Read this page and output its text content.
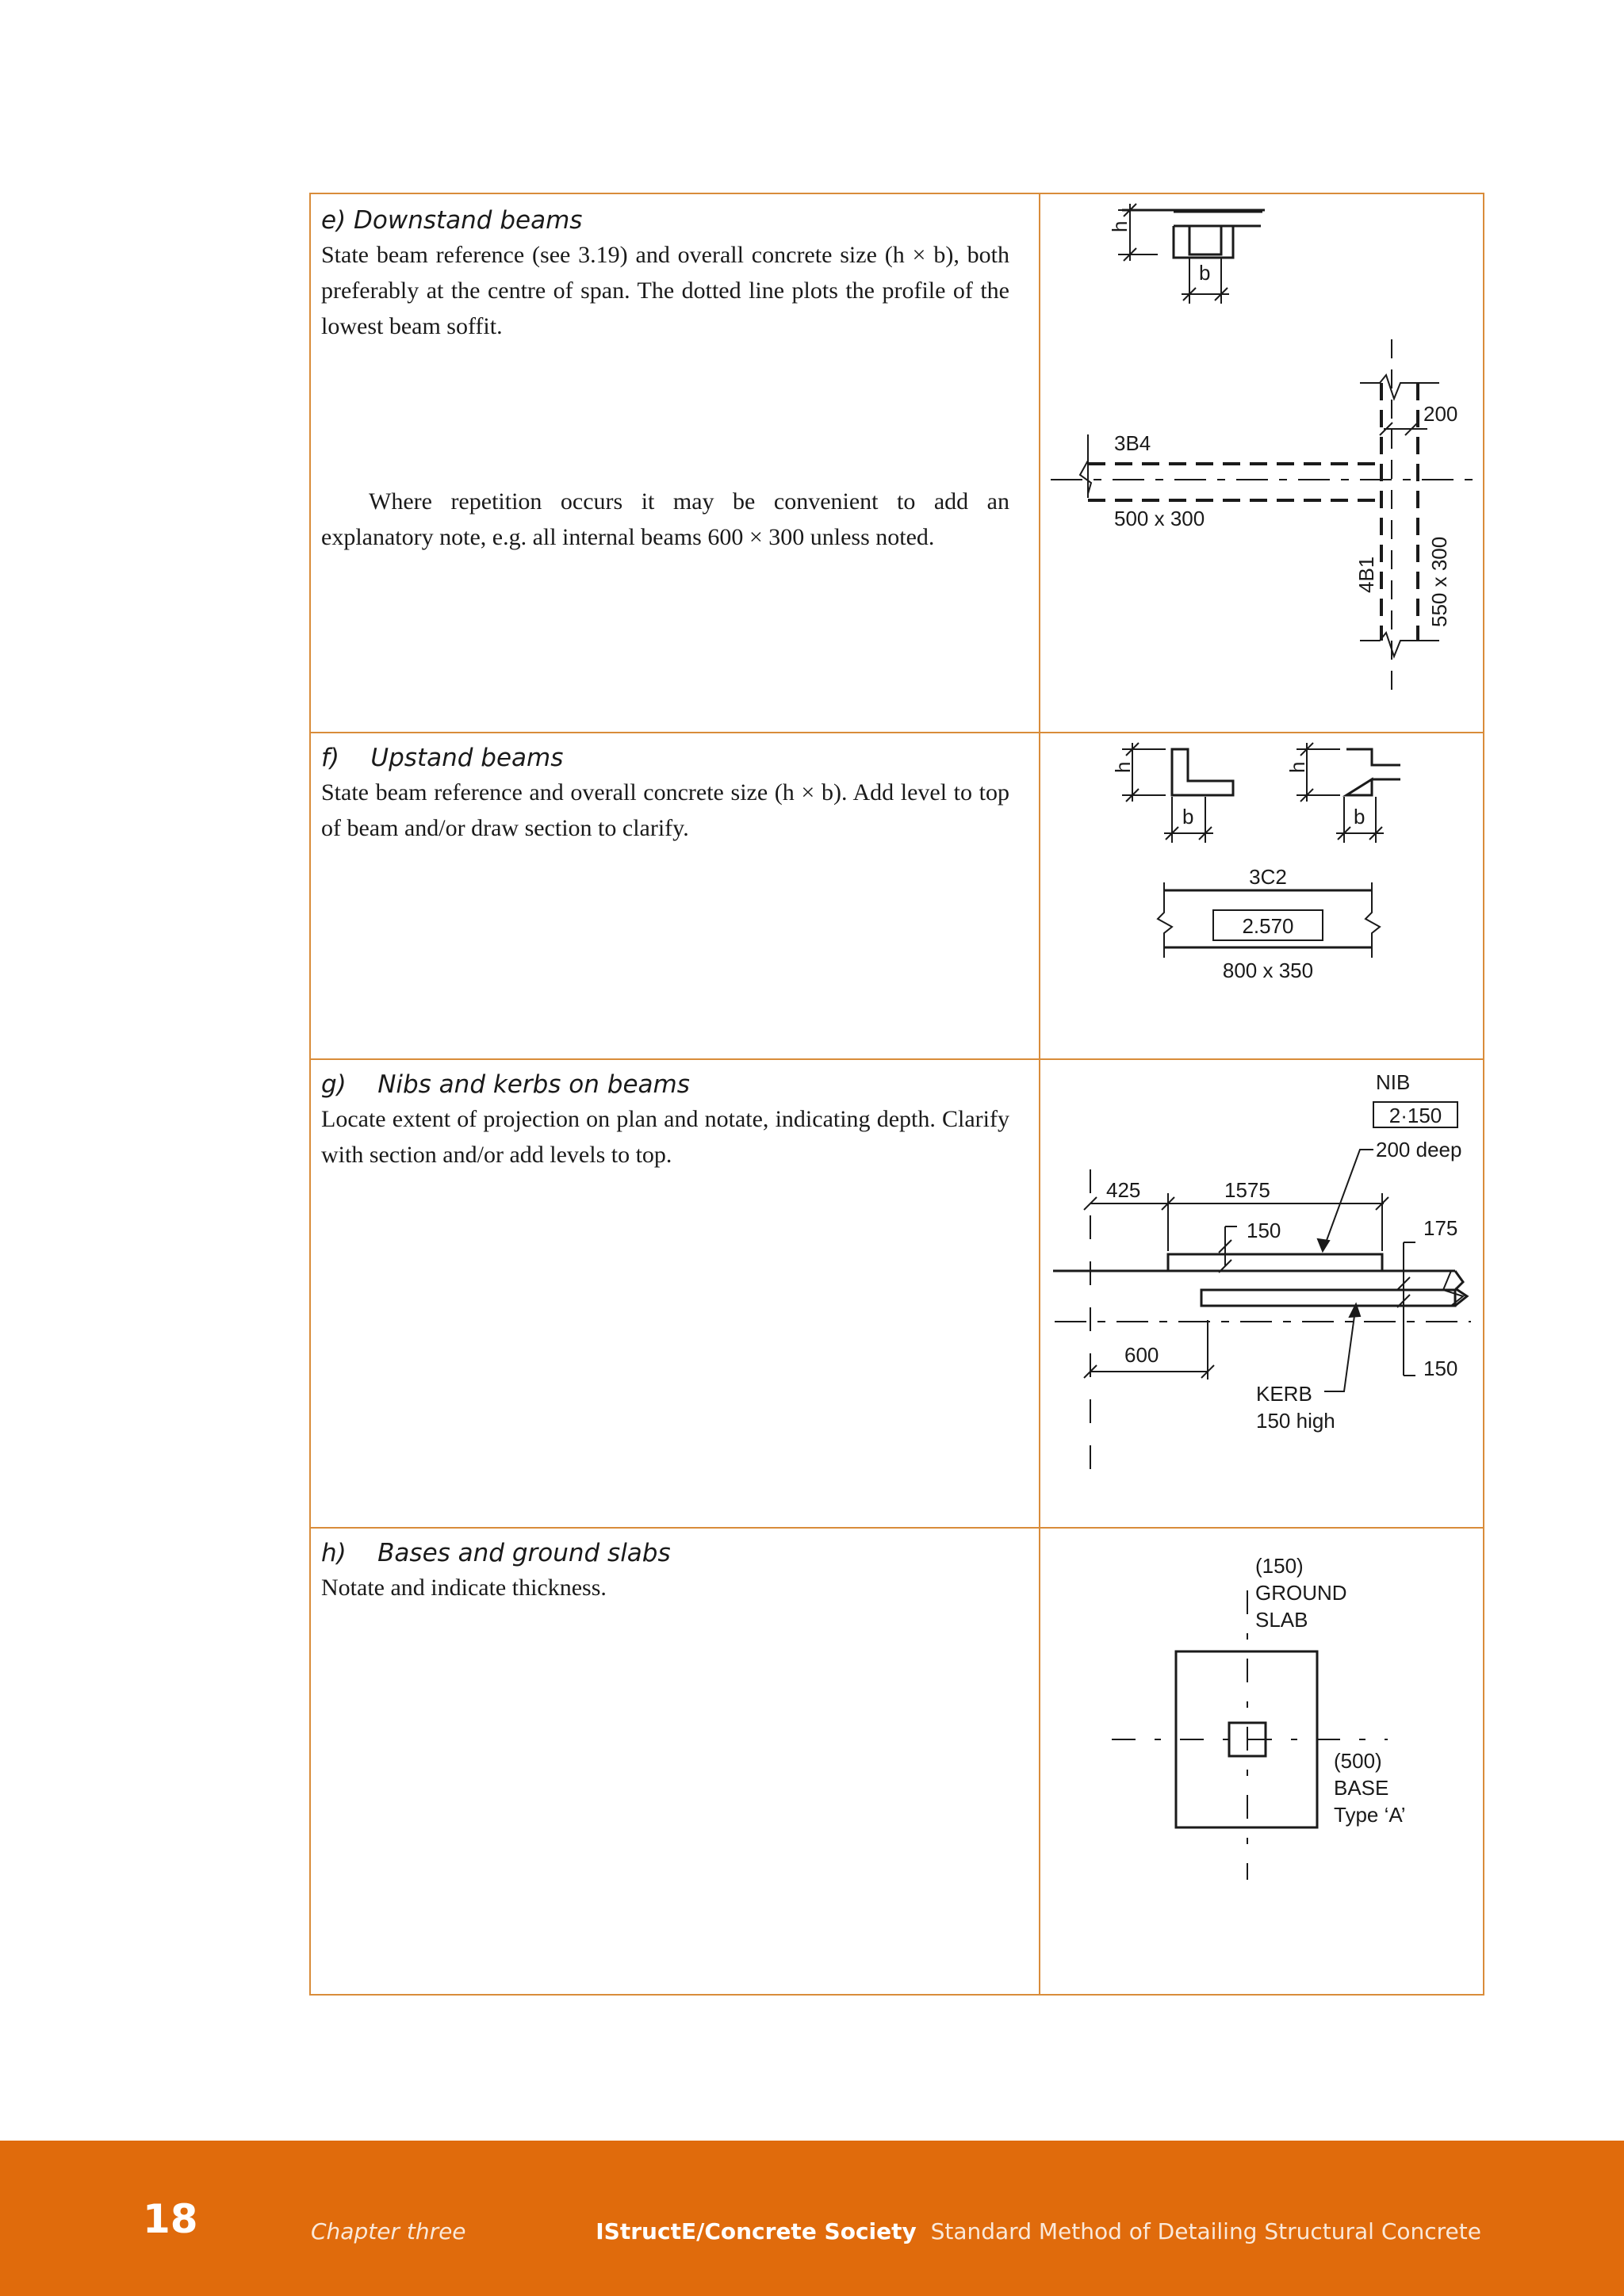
e) Downstand beams
State beam reference (see 3.19) and overall concrete size (h × b), both preferably at the centre of span. The dotted line plots the profile of the lowest beam soffit.
Where repetition occurs it may be convenient to add an explanatory note, e.g. all internal beams 600 × 300 unless noted.
f)    Upstand beams
State beam reference and overall concrete size (h × b). Add level to top of beam and/or draw section to clarify.
g)    Nibs and kerbs on beams
Locate extent of projection on plan and notate, indicating depth. Clarify with section and/or add levels to top.
h)    Bases and ground slabs
Notate and indicate thickness.
h
b
200
3B4
500 x 300
4B1 550 x 300
h
b
h
b
3C2
2.570
800 x 350
NIB
2·150
200 deep
425	1575
150	175
600
150
KERB
150 high
(150)
GROUND
SLAB
(500)
BASE
Type ‘A’
18	Chapter three	IStructE/Concrete Society Standard Method of Detailing Structural Concrete
